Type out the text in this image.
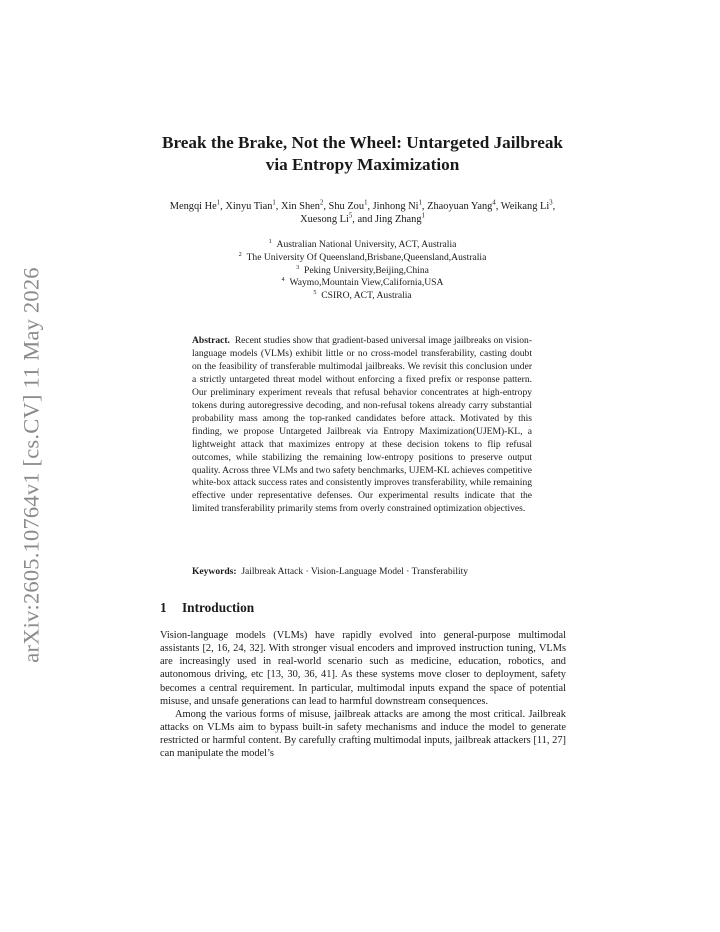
arXiv:2605.10764v1 [cs.CV] 11 May 2026
Break the Brake, Not the Wheel: Untargeted Jailbreak via Entropy Maximization
Mengqi He$^1$, Xinyu Tian$^1$, Xin Shen$^2$, Shu Zou$^1$, Jinhong Ni$^1$, Zhaoyuan Yang$^4$, Weikang Li$^3$, Xuesong Li$^5$, and Jing Zhang$^1$
$^1$  Australian National University, ACT, Australia
$^2$  The University Of Queensland,Brisbane,Queensland,Australia
$^3$  Peking University,Beijing,China
$^4$  Waymo,Mountain View,California,USA
$^5$  CSIRO, ACT, Australia
Abstract. Recent studies show that gradient-based universal image jailbreaks on vision-language models (VLMs) exhibit little or no cross-model transferability, casting doubt on the feasibility of transferable multimodal jailbreaks. We revisit this conclusion under a strictly untargeted threat model without enforcing a fixed prefix or response pattern. Our preliminary experiment reveals that refusal behavior concentrates at high-entropy tokens during autoregressive decoding, and non-refusal tokens already carry substantial probability mass among the top-ranked candidates before attack. Motivated by this finding, we propose Untargeted Jailbreak via Entropy Maximization(UJEM)-KL, a lightweight attack that maximizes entropy at these decision tokens to flip refusal outcomes, while stabilizing the remaining low-entropy positions to preserve output quality. Across three VLMs and two safety benchmarks, UJEM-KL achieves competitive white-box attack success rates and consistently improves transferability, while remaining effective under representative defenses. Our experimental results indicate that the limited transferability primarily stems from overly constrained optimization objectives.
Keywords: Jailbreak Attack · Vision-Language Model · Transferability
1 Introduction

Vision-language models (VLMs) have rapidly evolved into general-purpose multimodal assistants [2, 16, 24, 32]. With stronger visual encoders and improved instruction tuning, VLMs are increasingly used in real-world scenario such as medicine, education, robotics, and autonomous driving, etc [13, 30, 36, 41]. As these systems move closer to deployment, safety becomes a central requirement. In particular, multimodal inputs expand the space of potential misuse, and unsafe generations can lead to harmful downstream consequences.

Among the various forms of misuse, jailbreak attacks are among the most critical. Jailbreak attacks on VLMs aim to bypass built-in safety mechanisms and induce the model to generate restricted or harmful content. By carefully crafting multimodal inputs, jailbreak attackers [11, 27] can manipulate the model’s
